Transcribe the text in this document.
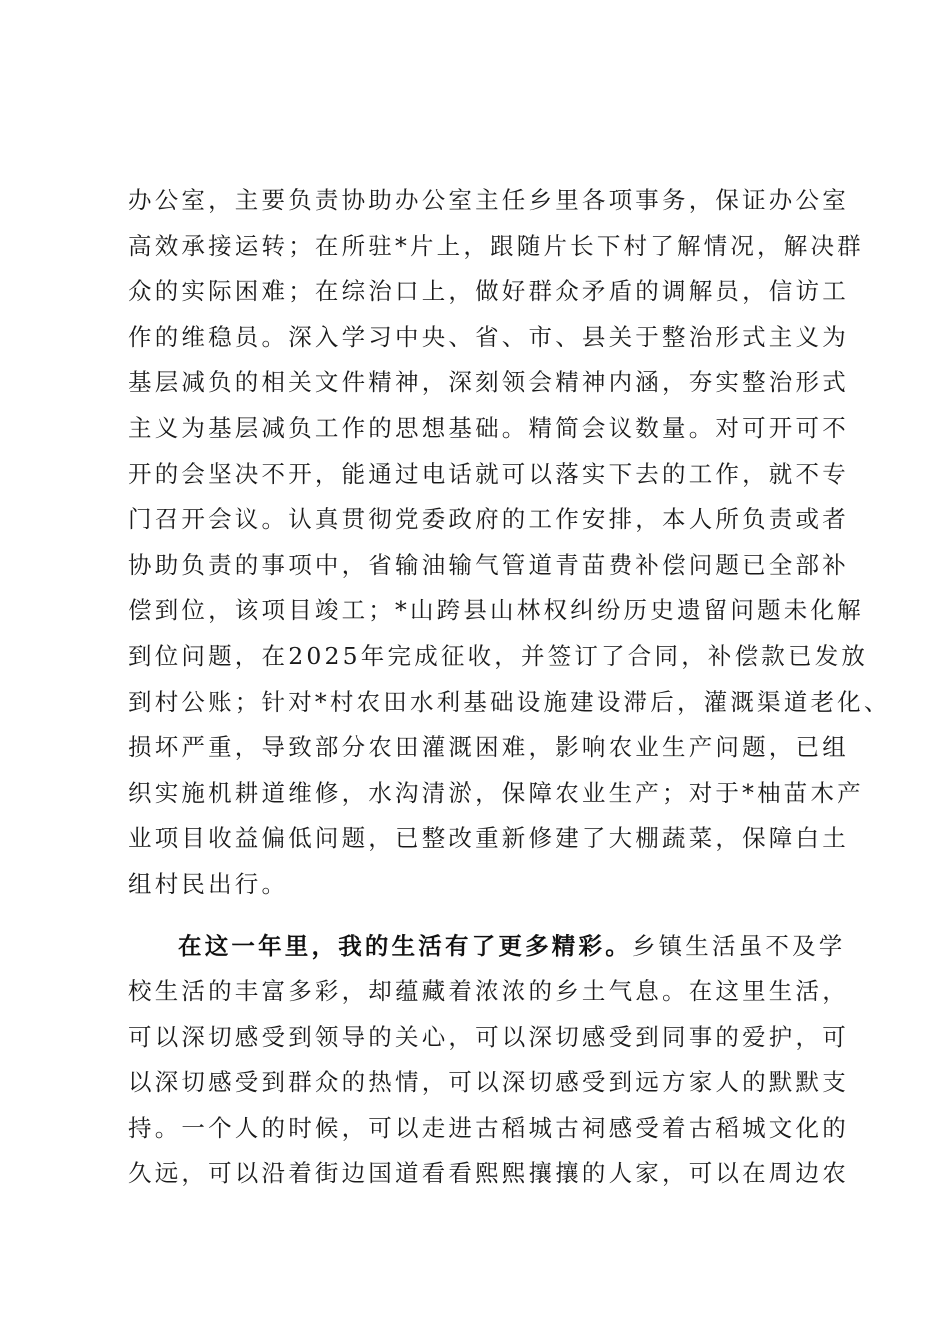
办公室，主要负责协助办公室主任乡里各项事务，保证办公室
高效承接运转；在所驻*片上，跟随片长下村了解情况，解决群
众的实际困难；在综治口上，做好群众矛盾的调解员，信访工
作的维稳员。深入学习中央、省、市、县关于整治形式主义为
基层减负的相关文件精神，深刻领会精神内涵，夯实整治形式
主义为基层减负工作的思想基础。精简会议数量。对可开可不
开的会坚决不开，能通过电话就可以落实下去的工作，就不专
门召开会议。认真贯彻党委政府的工作安排，本人所负责或者
协助负责的事项中，省输油输气管道青苗费补偿问题已全部补
偿到位，该项目竣工；*山跨县山林权纠纷历史遗留问题未化解
到位问题，在2025年完成征收，并签订了合同，补偿款已发放
到村公账；针对*村农田水利基础设施建设滞后，灌溉渠道老化、
损坏严重，导致部分农田灌溉困难，影响农业生产问题，已组
织实施机耕道维修，水沟清淤，保障农业生产；对于*柚苗木产
业项目收益偏低问题，已整改重新修建了大棚蔬菜，保障白土
组村民出行。
在这一年里，我的生活有了更多精彩。乡镇生活虽不及学
校生活的丰富多彩，却蕴藏着浓浓的乡土气息。在这里生活，
可以深切感受到领导的关心，可以深切感受到同事的爱护，可
以深切感受到群众的热情，可以深切感受到远方家人的默默支
持。一个人的时候，可以走进古稻城古祠感受着古稻城文化的
久远，可以沿着街边国道看看熙熙攘攘的人家，可以在周边农
